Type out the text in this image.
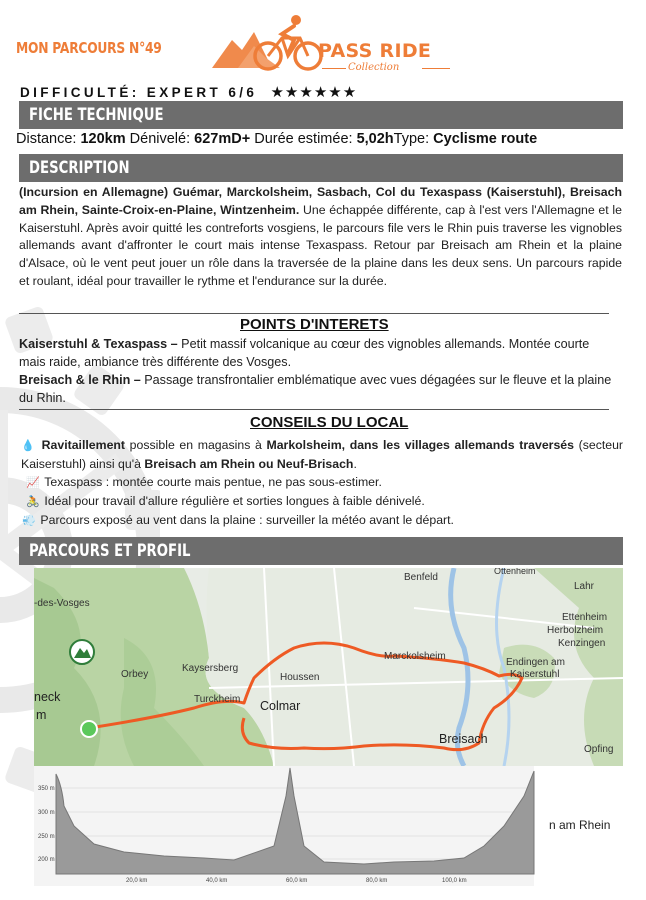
MON PARCOURS N°49	PASS RIDE
Collection
DIFFICULTÉ: EXPERT 6/6 ★★★★★★
FICHE TECHNIQUE
Distance: 120km Dénivelé: 627mD+ Durée estimée: 5,02hType: Cyclisme route
DESCRIPTION
(Incursion en Allemagne) Guémar, Marckolsheim, Sasbach, Col du Texaspass (Kaiserstuhl), Breisach am Rhein, Sainte-Croix-en-Plaine, Wintzenheim. Une échappée différente, cap à l'est vers l'Allemagne et le Kaiserstuhl. Après avoir quitté les contreforts vosgiens, le parcours file vers le Rhin puis traverse les vignobles allemands avant d'affronter le court mais intense Texaspass. Retour par Breisach am Rhein et la plaine d'Alsace, où le vent peut jouer un rôle dans la traversée de la plaine dans les deux sens. Un parcours rapide et roulant, idéal pour travailler le rythme et l'endurance sur la durée.
POINTS D'INTERETS
Kaiserstuhl & Texaspass – Petit massif volcanique au cœur des vignobles allemands. Montée courte mais raide, ambiance très différente des Vosges.
Breisach & le Rhin – Passage transfrontalier emblématique avec vues dégagées sur le fleuve et la plaine du Rhin.
CONSEILS DU LOCAL
💧 Ravitaillement possible en magasins à Markolsheim, dans les villages allemands traversés (secteur Kaiserstuhl) ainsi qu'à Breisach am Rhein ou Neuf-Brisach.
📈 Texaspass : montée courte mais pentue, ne pas sous-estimer.
🚴 Idéal pour travail d'allure régulière et sorties longues à faible dénivelé.
💨 Parcours exposé au vent dans la plaine : surveiller la météo avant le départ.
PARCOURS ET PROFIL
Benfeld
Ottenheim
-des-Vosges
Lahr
Ettenheim
Herbolzheim
Kenzingen
Marckolsheim
Endingen am
Kaiserstuhl
Kaysersberg
Orbey	Houssen
Turckheim Colmar
neck
m
Breisach
Opfing
350 m
300 m
250 m
200 m
20,0 km	40,0 km	60,0 km	80,0 km	100,0 km
n am Rhein
